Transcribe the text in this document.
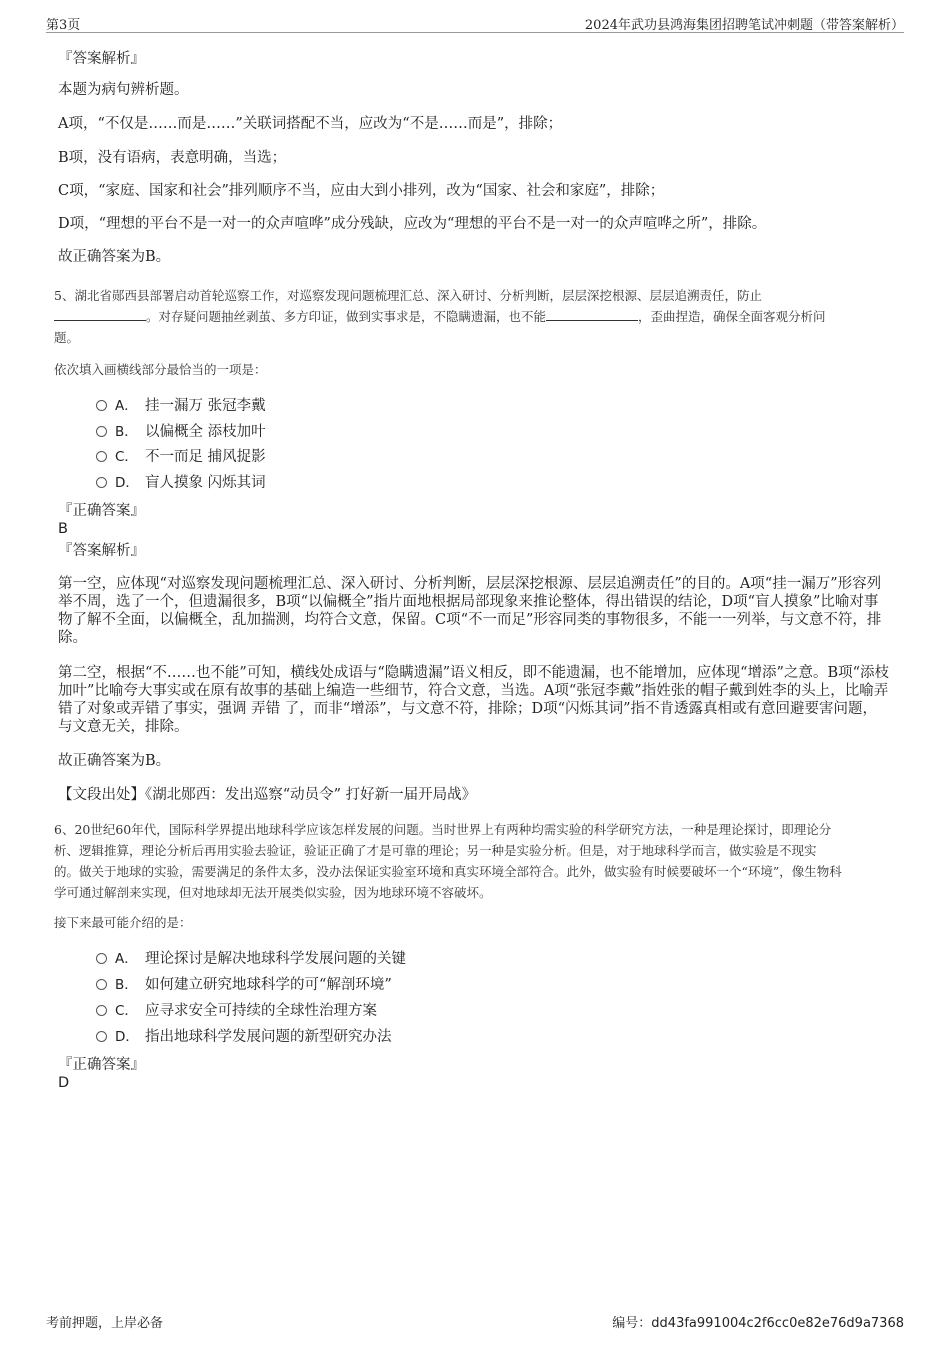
第3页	2024年武功县鸿海集团招聘笔试冲刺题（带答案解析）
『答案解析』
本题为病句辨析题。
A项，“不仅是……而是……”关联词搭配不当，应改为“不是……而是”，排除；
B项，没有语病，表意明确，当选；
C项，“家庭、国家和社会”排列顺序不当，应由大到小排列，改为“国家、社会和家庭”，排除；
D项，“理想的平台不是一对一的众声喧哗”成分残缺，应改为“理想的平台不是一对一的众声喧哗之所”，排除。
故正确答案为B。
5、湖北省郧西县部署启动首轮巡察工作，对巡察发现问题梳理汇总、深入研讨、分析判断，层层深挖根源、层层追溯责任，防止
。对存疑问题抽丝剥茧、多方印证，做到实事求是，不隐瞒遗漏，也不能	，歪曲捏造，确保全面客观分析问
题。
依次填入画横线部分最恰当的一项是：
A． 挂一漏万 张冠李戴
B． 以偏概全 添枝加叶
C． 不一而足 捕风捉影
D． 盲人摸象 闪烁其词
『正确答案』
B
『答案解析』
第一空，应体现“对巡察发现问题梳理汇总、深入研讨、分析判断，层层深挖根源、层层追溯责任”的目的。A项“挂一漏万”形容列举不周，选了一个，但遗漏很多，B项“以偏概全”指片面地根据局部现象来推论整体，得出错误的结论，D项“盲人摸象”比喻对事物了解不全面，以偏概全，乱加揣测，均符合文意，保留。C项“不一而足”形容同类的事物很多，不能一一列举，与文意不符，排除。
第二空，根据“不……也不能”可知，横线处成语与“隐瞒遗漏”语义相反，即不能遗漏，也不能增加，应体现“增添”之意。B项“添枝加叶”比喻夸大事实或在原有故事的基础上编造一些细节，符合文意，当选。A项“张冠李戴”指姓张的帽子戴到姓李的头上，比喻弄错了对象或弄错了事实，强调 弄错 了，而非“增添”，与文意不符，排除；D项“闪烁其词”指不肯透露真相或有意回避要害问题，与文意无关，排除。
故正确答案为B。
【文段出处】《湖北郧西：发出巡察“动员令” 打好新一届开局战》
6、20世纪60年代，国际科学界提出地球科学应该怎样发展的问题。当时世界上有两种均需实验的科学研究方法，一种是理论探讨，即理论分
析、逻辑推算，理论分析后再用实验去验证，验证正确了才是可靠的理论；另一种是实验分析。但是，对于地球科学而言，做实验是不现实
的。做关于地球的实验，需要满足的条件太多，没办法保证实验室环境和真实环境全部符合。此外，做实验有时候要破坏一个“环境”，像生物科
学可通过解剖来实现，但对地球却无法开展类似实验，因为地球环境不容破坏。
接下来最可能介绍的是：
A． 理论探讨是解决地球科学发展问题的关键
B． 如何建立研究地球科学的可“解剖环境”
C． 应寻求安全可持续的全球性治理方案
D． 指出地球科学发展问题的新型研究办法
『正确答案』
D
考前押题，上岸必备	编号：dd43fa991004c2f6cc0e82e76d9a7368
